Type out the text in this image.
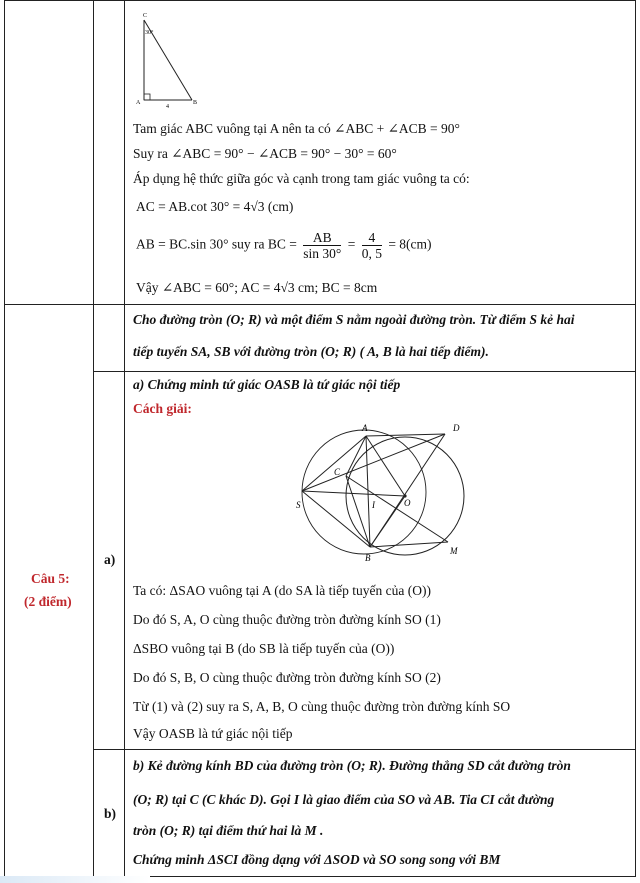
C
A	B
30°
4
Tam giác ABC vuông tại A nên ta có ∠ABC + ∠ACB = 90°
Suy ra ∠ABC = 90° − ∠ACB = 90° − 30° = 60°
Áp dụng hệ thức giữa góc và cạnh trong tam giác vuông ta có:
AC = AB.cot 30° = 4√3 (cm)
AB = BC.sin 30° suy ra BC = $\frac{AB}{\sin 30^\circ} = \frac{4}{0, 5} = 8(cm)$
Vậy ∠ABC = 60°; AC = 4√3 cm; BC = 8cm
Câu 5:
(2 điểm)
Cho đường tròn (O; R) và một điểm S nằm ngoài đường tròn. Từ điểm S kẻ hai
tiếp tuyến SA, SB với đường tròn (O; R) ( A, B là hai tiếp điểm).
a)
a) Chứng minh tứ giác OASB là tứ giác nội tiếp
Cách giải:
A	D
C
S	I	O
B
M
Ta có: ΔSAO vuông tại A (do SA là tiếp tuyến của (O))
Do đó S, A, O cùng thuộc đường tròn đường kính SO (1)
ΔSBO vuông tại B (do SB là tiếp tuyến của (O))
Do đó S, B, O cùng thuộc đường tròn đường kính SO (2)
Từ (1) và (2) suy ra S, A, B, O cùng thuộc đường tròn đường kính SO
Vậy OASB là tứ giác nội tiếp
b)
b) Kẻ đường kính BD của đường tròn (O; R). Đường thẳng SD cắt đường tròn
(O; R) tại C (C khác D). Gọi I là giao điểm của SO và AB. Tia CI cắt đường
tròn (O; R) tại điểm thứ hai là M .
Chứng minh ΔSCI đồng dạng với ΔSOD và SO song song với BM
